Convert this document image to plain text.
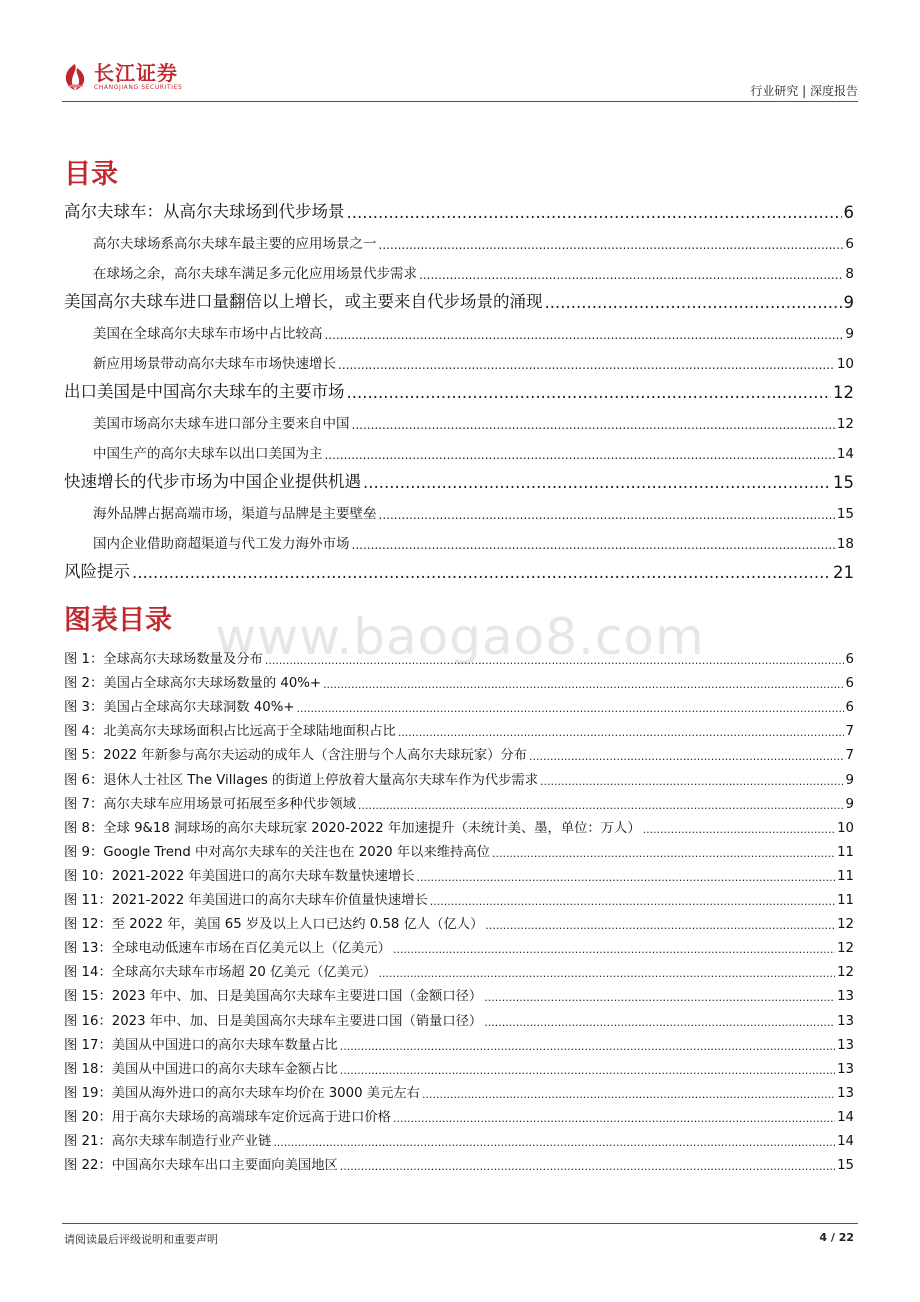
长江证券
CHANGJIANG SECURITIES	行业研究 | 深度报告
www.baogao8.com
目录
高尔夫球车：从高尔夫球场到代步场景 .....	6
高尔夫球场系高尔夫球车最主要的应用场景之一 .....	6
在球场之余，高尔夫球车满足多元化应用场景代步需求 .....	8
美国高尔夫球车进口量翻倍以上增长，或主要来自代步场景的涌现 .....	9
美国在全球高尔夫球车市场中占比较高 .....	9
新应用场景带动高尔夫球车市场快速增长 .....	10
出口美国是中国高尔夫球车的主要市场 .....	12
美国市场高尔夫球车进口部分主要来自中国 .....	12
中国生产的高尔夫球车以出口美国为主 .....	14
快速增长的代步市场为中国企业提供机遇 .....	15
海外品牌占据高端市场，渠道与品牌是主要壁垒 .....	15
国内企业借助商超渠道与代工发力海外市场 .....	18
风险提示 .....	21
图表目录
图 1：全球高尔夫球场数量及分布 .....	6
图 2：美国占全球高尔夫球场数量的 40%+ .....	6
图 3：美国占全球高尔夫球洞数 40%+ .....	6
图 4：北美高尔夫球场面积占比远高于全球陆地面积占比 .....	7
图 5：2022 年新参与高尔夫运动的成年人（含注册与个人高尔夫球玩家）分布 .....	7
图 6：退休人士社区 The Villages 的街道上停放着大量高尔夫球车作为代步需求 .....	9
图 7：高尔夫球车应用场景可拓展至多种代步领域 .....	9
图 8：全球 9&18 洞球场的高尔夫球玩家 2020-2022 年加速提升（未统计美、墨，单位：万人） .....	10
图 9：Google Trend 中对高尔夫球车的关注也在 2020 年以来维持高位 .....	11
图 10：2021-2022 年美国进口的高尔夫球车数量快速增长 .....	11
图 11：2021-2022 年美国进口的高尔夫球车价值量快速增长 .....	11
图 12：至 2022 年，美国 65 岁及以上人口已达约 0.58 亿人（亿人） .....	12
图 13：全球电动低速车市场在百亿美元以上（亿美元） .....	12
图 14：全球高尔夫球车市场超 20 亿美元（亿美元） .....	12
图 15：2023 年中、加、日是美国高尔夫球车主要进口国（金额口径） .....	13
图 16：2023 年中、加、日是美国高尔夫球车主要进口国（销量口径） .....	13
图 17：美国从中国进口的高尔夫球车数量占比 .....	13
图 18：美国从中国进口的高尔夫球车金额占比 .....	13
图 19：美国从海外进口的高尔夫球车均价在 3000 美元左右 .....	13
图 20：用于高尔夫球场的高端球车定价远高于进口价格 .....	14
图 21：高尔夫球车制造行业产业链 .....	14
图 22：中国高尔夫球车出口主要面向美国地区 .....	15
请阅读最后评级说明和重要声明	4 / 22
